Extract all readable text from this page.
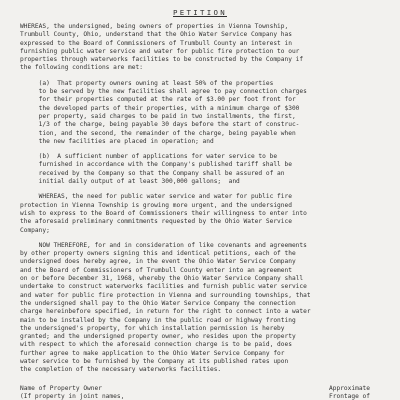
PETITION

WHEREAS, the undersigned, being owners of properties in Vienna Township,

Trumbull County, Ohio, understand that the Ohio Water Service Company has

expressed to the Board of Commissioners of Trumbull County an interest in

furnishing public water service and water for public fire protection to our

properties through waterworks facilities to be constructed by the Company if

the following conditions are met:

(a)  That property owners owning at least 50% of the properties

to be served by the new facilities shall agree to pay connection charges

for their properties computed at the rate of $3.00 per foot front for

the developed parts of their properties, with a minimum charge of $300

per property, said charges to be paid in two installments, the first,

1/3 of the charge, being payable 30 days before the start of construc-

tion, and the second, the remainder of the charge, being payable when

the new facilities are placed in operation; and

(b)  A sufficient number of applications for water service to be

furnished in accordance with the Company's published tariff shall be

received by the Company so that the Company shall be assured of an

initial daily output of at least 300,000 gallons;  and

WHEREAS, the need for public water service and water for public fire

protection in Vienna Township is growing more urgent, and the undersigned

wish to express to the Board of Commissioners their willingness to enter into

the aforesaid preliminary commitments requested by the Ohio Water Service

Company;

NOW THEREFORE, for and in consideration of like covenants and agreements

by other property owners signing this and identical petitions, each of the

undersigned does hereby agree, in the event the Ohio Water Service Company

and the Board of Commissioners of Trumbull County enter into an agreement

on or before December 31, 1968, whereby the Ohio Water Service Company shall

undertake to construct waterworks facilities and furnish public water service

and water for public fire protection in Vienna and surrounding townships, that

the undersigned shall pay to the Ohio Water Service Company the connection

charge hereinbefore specified, in return for the right to connect into a water

main to be installed by the Company in the public road or highway fronting

the undersigned's property, for which installation permission is hereby

granted; and the undersigned property owner, who resides upon the property

with respect to which the aforesaid connection charge is to be paid, does

further agree to make application to the Ohio Water Service Company for

water service to be furnished by the Company at its published rates upon

the completion of the necessary waterworks facilities.

Name of Property Owner

(If property in joint names,

Approximate

Frontage of
